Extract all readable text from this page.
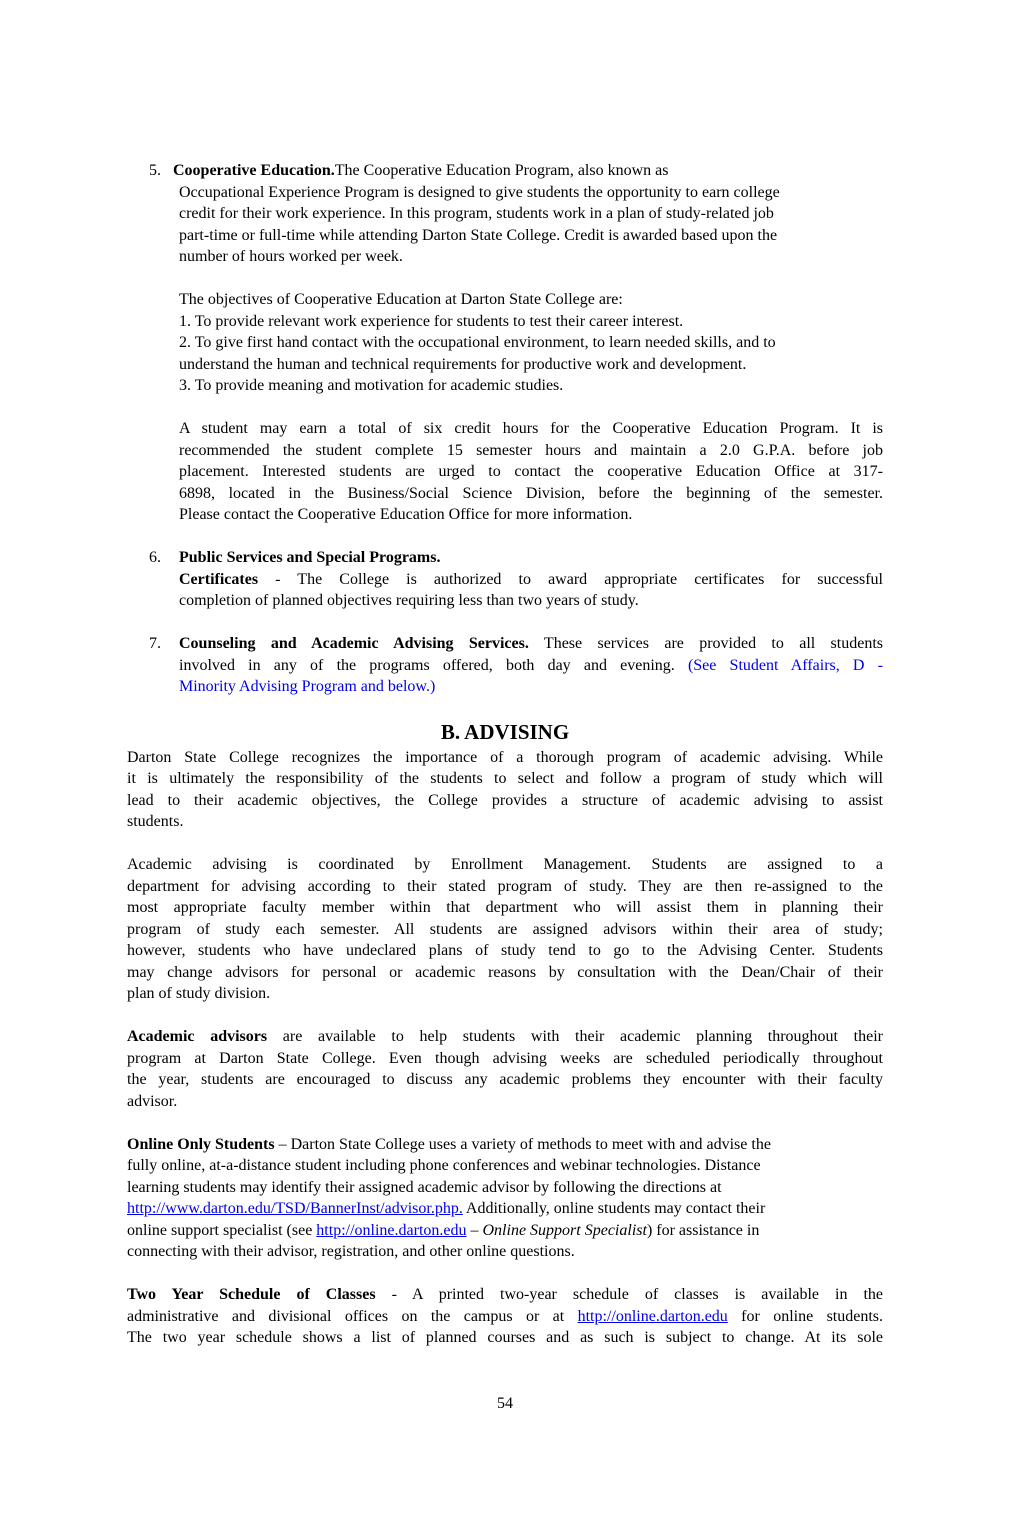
5. Cooperative Education.The Cooperative Education Program, also known as
Occupational Experience Program is designed to give students the opportunity to earn college
credit for their work experience. In this program, students work in a plan of study-related job
part-time or full-time while attending Darton State College. Credit is awarded based upon the
number of hours worked per week.
The objectives of Cooperative Education at Darton State College are:
1. To provide relevant work experience for students to test their career interest.
2. To give first hand contact with the occupational environment, to learn needed skills, and to
understand the human and technical requirements for productive work and development.
3. To provide meaning and motivation for academic studies.
A student may earn a total of six credit hours for the Cooperative Education Program. It is
recommended the student complete 15 semester hours and maintain a 2.0 G.P.A. before job
placement. Interested students are urged to contact the cooperative Education Office at 317-
6898, located in the Business/Social Science Division, before the beginning of the semester.
Please contact the Cooperative Education Office for more information.
6. Public Services and Special Programs.
Certificates - The College is authorized to award appropriate certificates for successful
completion of planned objectives requiring less than two years of study.
7. Counseling and Academic Advising Services. These services are provided to all students
involved in any of the programs offered, both day and evening. (See Student Affairs, D -
Minority Advising Program and below.)
B. ADVISING
Darton State College recognizes the importance of a thorough program of academic advising. While
it is ultimately the responsibility of the students to select and follow a program of study which will
lead to their academic objectives, the College provides a structure of academic advising to assist
students.
Academic advising is coordinated by Enrollment Management. Students are assigned to a
department for advising according to their stated program of study. They are then re-assigned to the
most appropriate faculty member within that department who will assist them in planning their
program of study each semester. All students are assigned advisors within their area of study;
however, students who have undeclared plans of study tend to go to the Advising Center. Students
may change advisors for personal or academic reasons by consultation with the Dean/Chair of their
plan of study division.
Academic advisors are available to help students with their academic planning throughout their
program at Darton State College. Even though advising weeks are scheduled periodically throughout
the year, students are encouraged to discuss any academic problems they encounter with their faculty
advisor.
Online Only Students – Darton State College uses a variety of methods to meet with and advise the
fully online, at-a-distance student including phone conferences and webinar technologies. Distance
learning students may identify their assigned academic advisor by following the directions at
http://www.darton.edu/TSD/BannerInst/advisor.php. Additionally, online students may contact their
online support specialist (see http://online.darton.edu – Online Support Specialist) for assistance in
connecting with their advisor, registration, and other online questions.
Two Year Schedule of Classes - A printed two-year schedule of classes is available in the
administrative and divisional offices on the campus or at http://online.darton.edu for online students.
The two year schedule shows a list of planned courses and as such is subject to change. At its sole
54
